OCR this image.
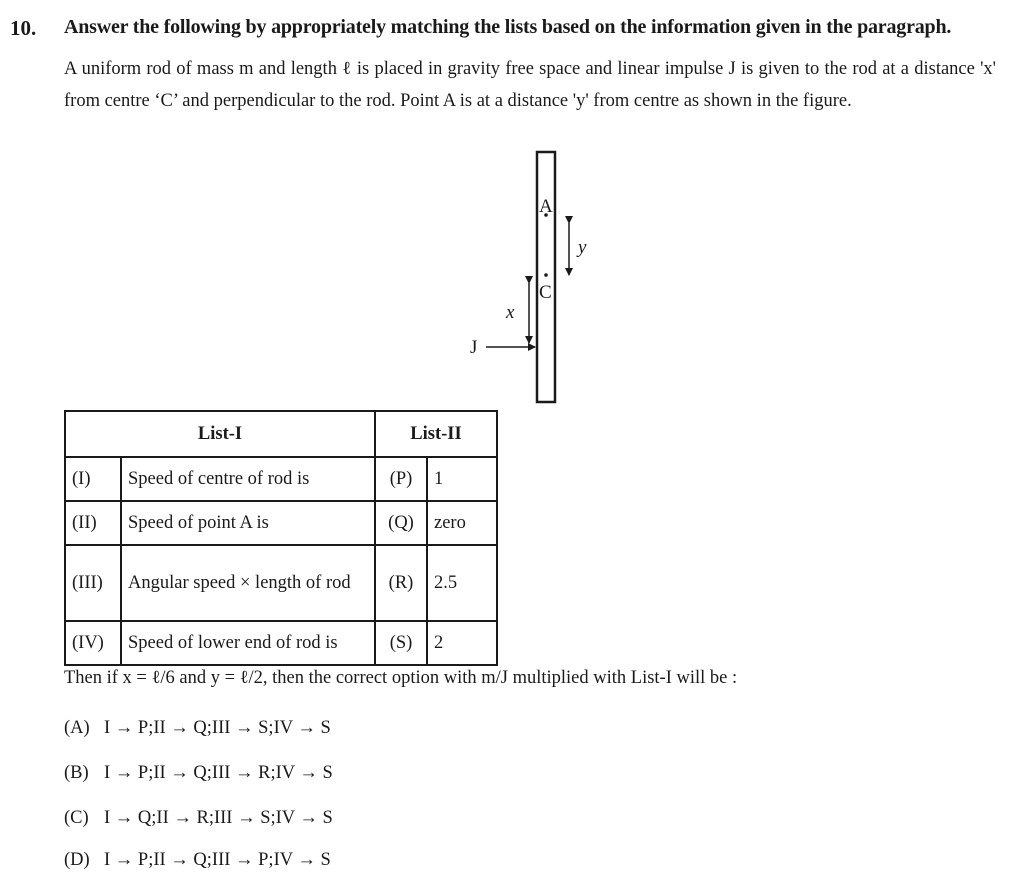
10. Answer the following by appropriately matching the lists based on the information given in the paragraph.
A uniform rod of mass m and length ℓ is placed in gravity free space and linear impulse J is given to the rod at a distance 'x' from centre ‘C’ and perpendicular to the rod. Point A is at a distance 'y' from centre as shown in the figure.
A
C
y
x
J
List-I		List-II	
(I)	Speed of centre of rod is	(P)	1
(II)	Speed of point A is	(Q)	zero
(III)	Angular speed × length of rod	(R)	2.5
(IV)	Speed of lower end of rod is	(S)	2
Then if x = ℓ/6 and y = ℓ/2, then the correct option with m/J multiplied with List-I will be :
(A) I → P;II → Q;III → S;IV → S
(B) I → P;II → Q;III → R;IV → S
(C) I → Q;II → R;III → S;IV → S
(D) I → P;II → Q;III → P;IV → S
